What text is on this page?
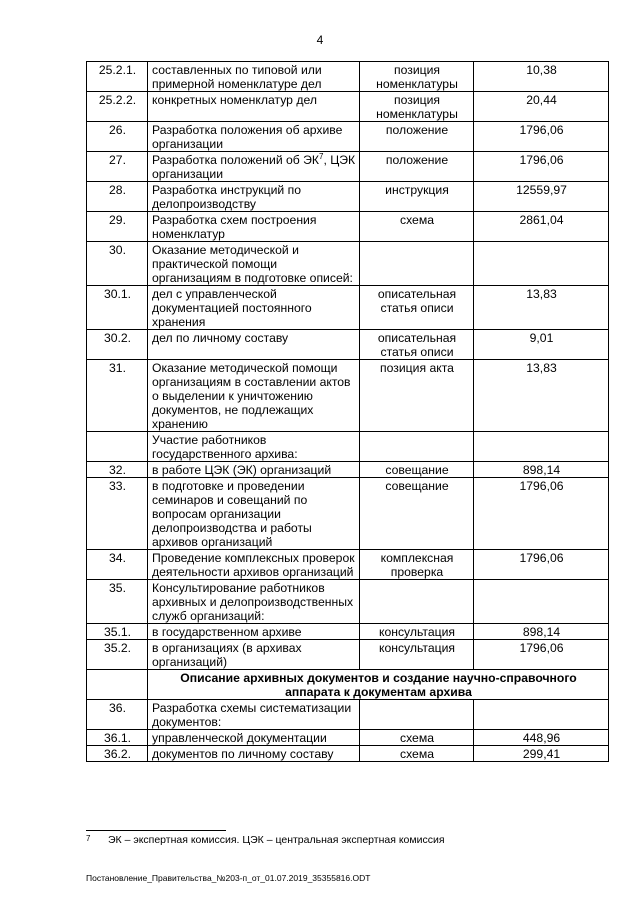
4
25.2.1.	составленных по типовой или примерной номенклатуре дел	позиция номенклатуры	10,38
25.2.2.	конкретных номенклатур дел	позиция номенклатуры	20,44
26.	Разработка положения об архиве организации	положение	1796,06
27.	Разработка положений об $ЭК^7$, ЦЭК организации	положение	1796,06
28.	Разработка инструкций по делопроизводству	инструкция	12559,97
29.	Разработка схем построения номенклатур	схема	2861,04
30.	Оказание методической и практической помощи организациям в подготовке описей:		
30.1.	дел с управленческой документацией постоянного хранения	описательная статья описи	13,83
30.2.	дел по личному составу	описательная статья описи	9,01
31.	Оказание методической помощи организациям в составлении актов о выделении к уничтожению документов, не подлежащих хранению	позиция акта	13,83
	Участие работников государственного архива:		
32.	в работе ЦЭК (ЭК) организаций	совещание	898,14
33.	в подготовке и проведении семинаров и совещаний по вопросам организации делопроизводства и работы архивов организаций	совещание	1796,06
34.	Проведение комплексных проверок деятельности архивов организаций	комплексная проверка	1796,06
35.	Консультирование работников архивных и делопроизводственных служб организаций:		
35.1.	в государственном архиве	консультация	898,14
35.2.	в организациях (в архивах организаций)	консультация	1796,06
	Описание архивных документов и создание научно-справочного аппарата к документам архива		
36.	Разработка схемы систематизации документов:		
36.1.	управленческой документации	схема	448,96
36.2.	документов по личному составу	схема	299,41
7 ЭК – экспертная комиссия. ЦЭК – центральная экспертная комиссия
Постановление_Правительства_№203-п_от_01.07.2019_35355816.ODT
